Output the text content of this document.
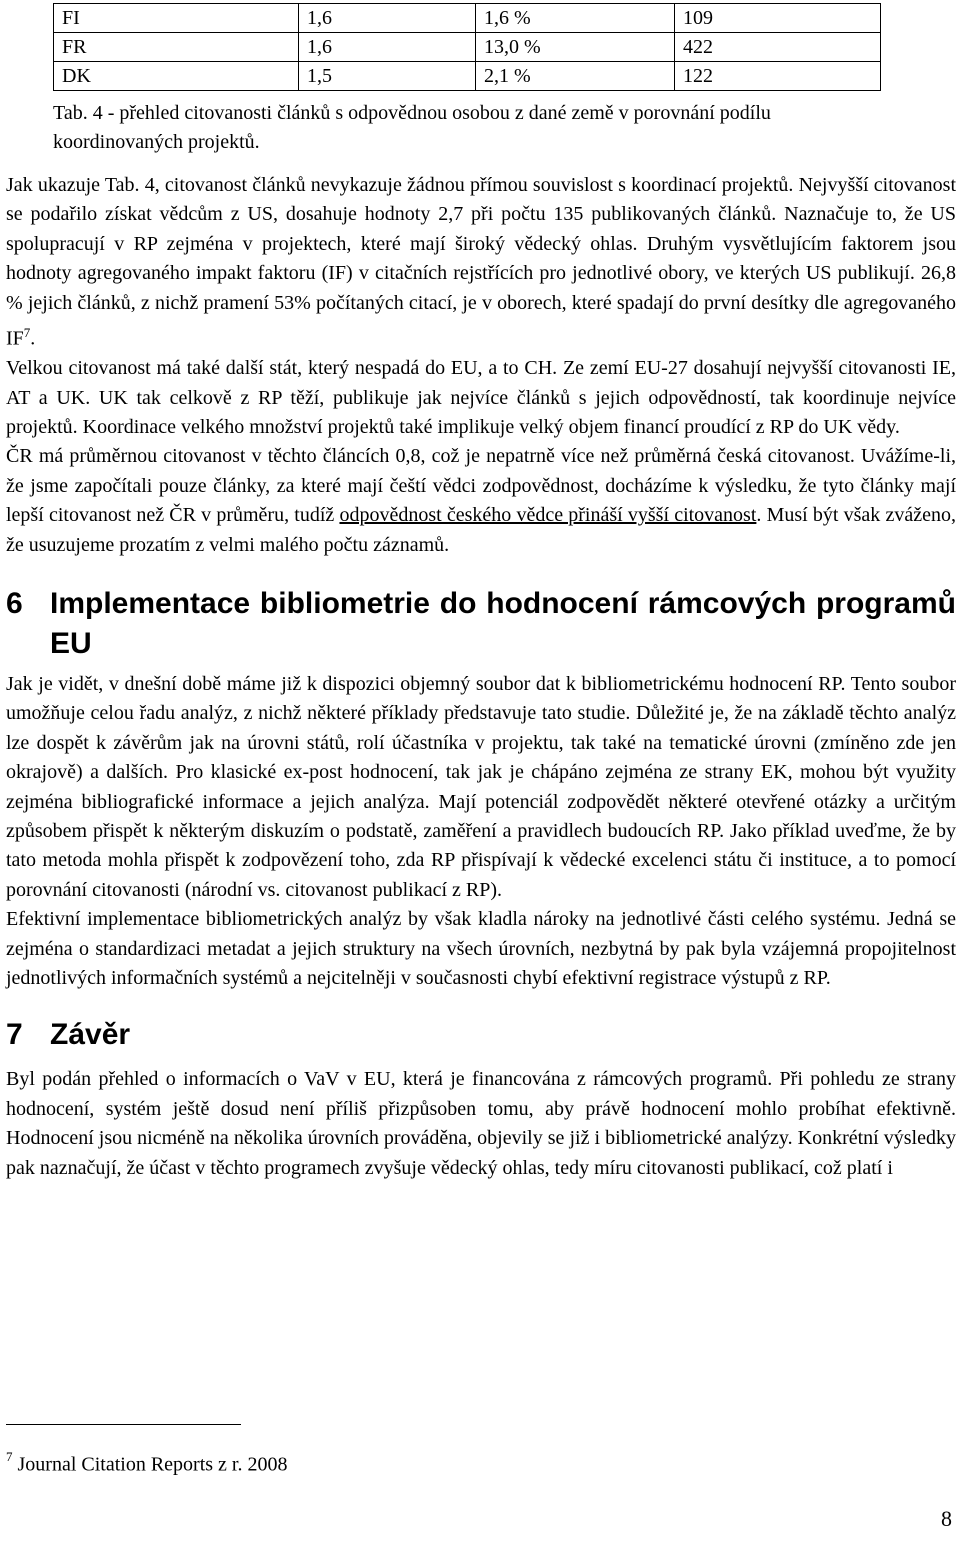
FI	1,6	1,6 %	109
FR	1,6	13,0 %	422
DK	1,5	2,1 %	122

Tab. 4 - přehled citovanosti článků s odpovědnou osobou z dané země v porovnání podílu koordinovaných projektů.

Jak ukazuje Tab. 4, citovanost článků nevykazuje žádnou přímou souvislost s koordinací projektů. Nejvyšší citovanost se podařilo získat vědcům z US, dosahuje hodnoty 2,7 při počtu 135 publikovaných článků. Naznačuje to, že US spolupracují v RP zejména v projektech, které mají široký vědecký ohlas. Druhým vysvětlujícím faktorem jsou hodnoty agregovaného impakt faktoru (IF) v citačních rejstřících pro jednotlivé obory, ve kterých US publikují. 26,8 % jejich článků, z nichž pramení 53% počítaných citací, je v oborech, které spadají do první desítky dle agregovaného IF$^7$.

Velkou citovanost má také další stát, který nespadá do EU, a to CH. Ze zemí EU-27 dosahují nejvyšší citovanosti IE, AT a UK. UK tak celkově z RP těží, publikuje jak nejvíce článků s jejich odpovědností, tak koordinuje nejvíce projektů. Koordinace velkého množství projektů také implikuje velký objem financí proudící z RP do UK vědy.

ČR má průměrnou citovanost v těchto článcích 0,8, což je nepatrně více než průměrná česká citovanost. Uvážíme-li, že jsme započítali pouze články, za které mají čeští vědci zodpovědnost, docházíme k výsledku, že tyto články mají lepší citovanost než ČR v průměru, tudíž odpovědnost českého vědce přináší vyšší citovanost. Musí být však zváženo, že usuzujeme prozatím z velmi malého počtu záznamů.

6 Implementace bibliometrie do hodnocení rámcových programů EU

Jak je vidět, v dnešní době máme již k dispozici objemný soubor dat k bibliometrickému hodnocení RP. Tento soubor umožňuje celou řadu analýz, z nichž některé příklady představuje tato studie. Důležité je, že na základě těchto analýz lze dospět k závěrům jak na úrovni států, rolí účastníka v projektu, tak také na tematické úrovni (zmíněno zde jen okrajově) a dalších. Pro klasické ex-post hodnocení, tak jak je chápáno zejména ze strany EK, mohou být využity zejména bibliografické informace a jejich analýza. Mají potenciál zodpovědět některé otevřené otázky a určitým způsobem přispět k některým diskuzím o podstatě, zaměření a pravidlech budoucích RP. Jako příklad uveďme, že by tato metoda mohla přispět k zodpovězení toho, zda RP přispívají k vědecké excelenci státu či instituce, a to pomocí porovnání citovanosti (národní vs. citovanost publikací z RP).

Efektivní implementace bibliometrických analýz by však kladla nároky na jednotlivé části celého systému. Jedná se zejména o standardizaci metadat a jejich struktury na všech úrovních, nezbytná by pak byla vzájemná propojitelnost jednotlivých informačních systémů a nejcitelněji v současnosti chybí efektivní registrace výstupů z RP.

7 Závěr

Byl podán přehled o informacích o VaV v EU, která je financována z rámcových programů. Při pohledu ze strany hodnocení, systém ještě dosud není příliš přizpůsoben tomu, aby právě hodnocení mohlo probíhat efektivně. Hodnocení jsou nicméně na několika úrovních prováděna, objevily se již i bibliometrické analýzy. Konkrétní výsledky pak naznačují, že účast v těchto programech zvyšuje vědecký ohlas, tedy míru citovanosti publikací, což platí i

$^7$ Journal Citation Reports z r. 2008
8
